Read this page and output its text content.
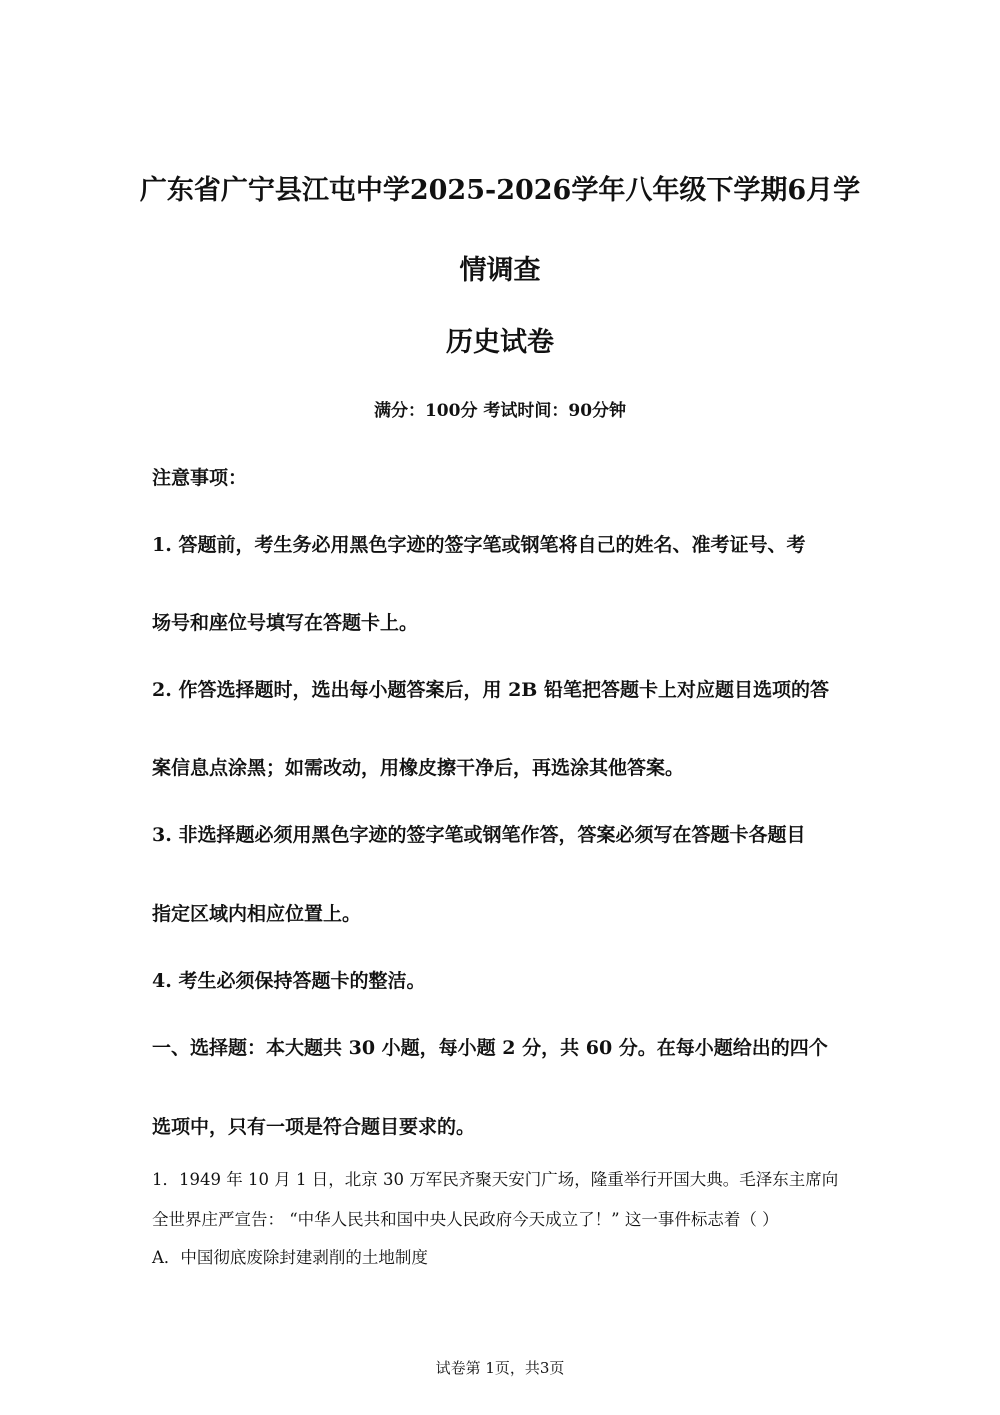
广东省广宁县江屯中学2025-2026学年八年级下学期6月学
情调查
历史试卷
满分：100分 考试时间：90分钟
注意事项：
1. 答题前，考生务必用黑色字迹的签字笔或钢笔将自己的姓名、准考证号、考
场号和座位号填写在答题卡上。
2. 作答选择题时，选出每小题答案后，用 2B 铅笔把答题卡上对应题目选项的答
案信息点涂黑；如需改动，用橡皮擦干净后，再选涂其他答案。
3. 非选择题必须用黑色字迹的签字笔或钢笔作答，答案必须写在答题卡各题目
指定区域内相应位置上。
4. 考生必须保持答题卡的整洁。
一、选择题：本大题共 30 小题，每小题 2 分，共 60 分。在每小题给出的四个
选项中，只有一项是符合题目要求的。
1．1949 年 10 月 1 日，北京 30 万军民齐聚天安门广场，隆重举行开国大典。毛泽东主席向
全世界庄严宣告： “中华人民共和国中央人民政府今天成立了！” 这一事件标志着（ ）
A．中国彻底废除封建剥削的土地制度
试卷第 1页，共3页
